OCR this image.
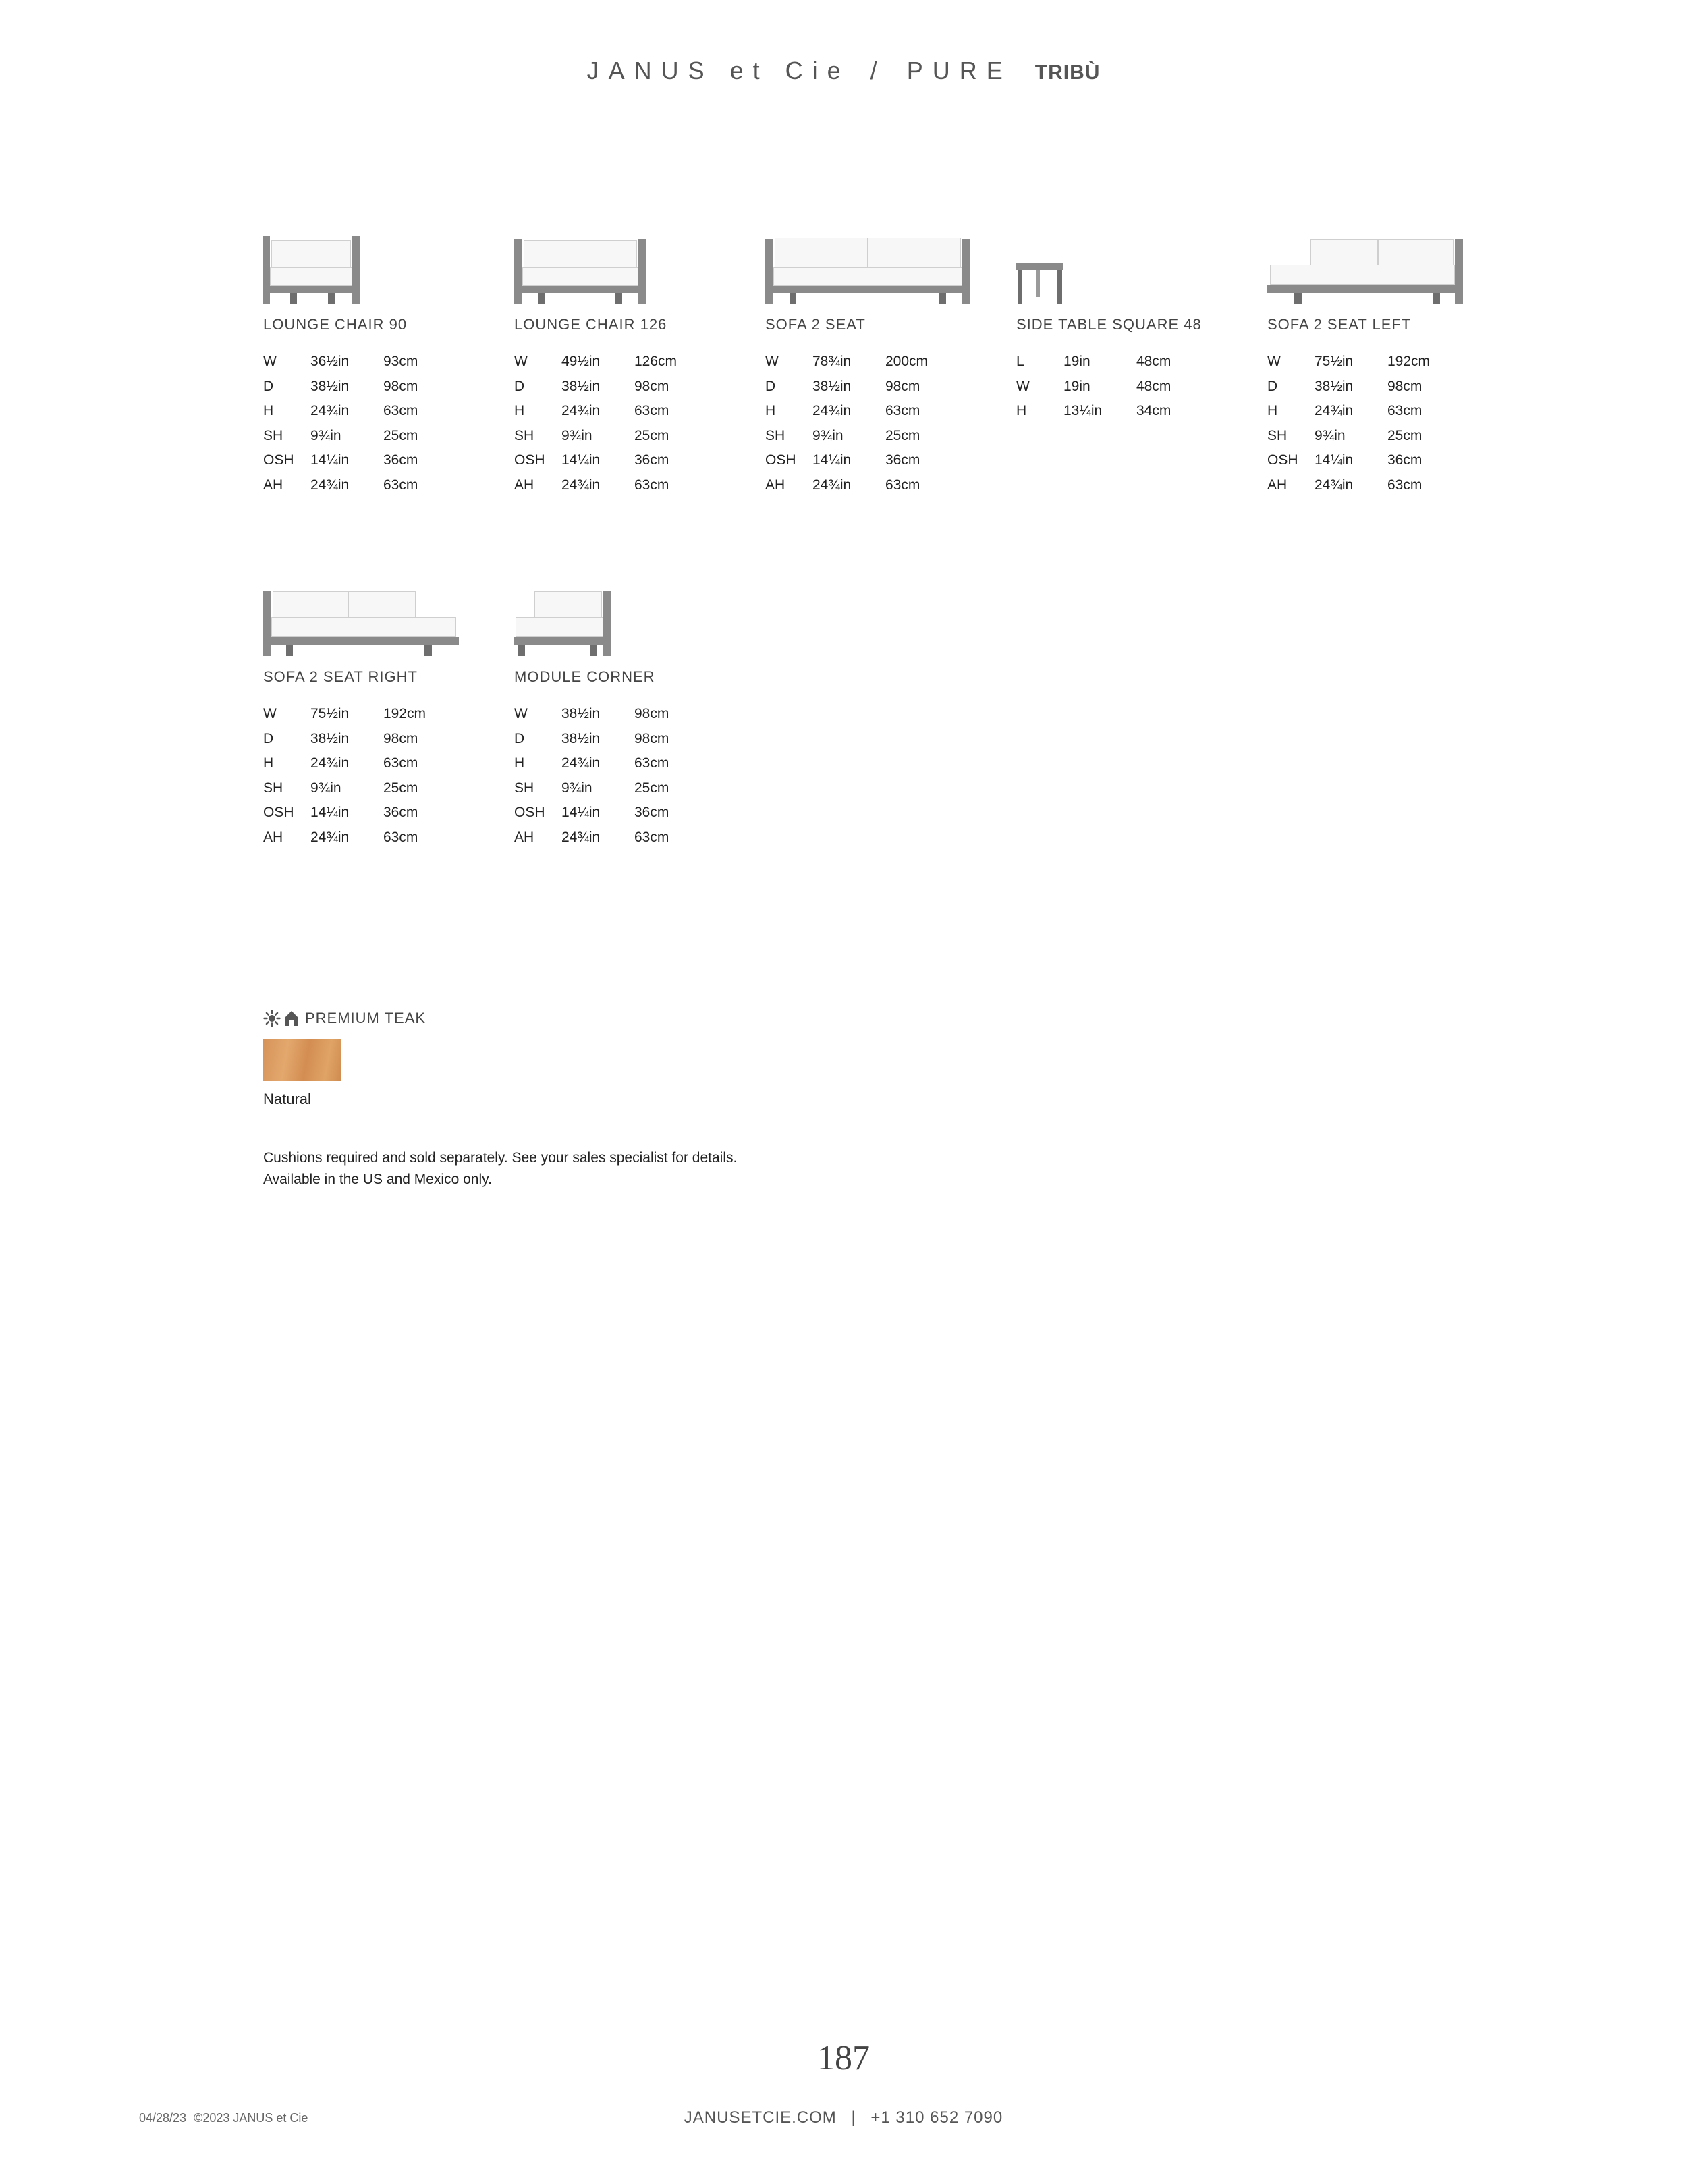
JANUS et Cie / PURE TRIBÙ
LOUNGE CHAIR 90
W	36½in	93cm
D	38½in	98cm
H	24¾in	63cm
SH	9¾in	25cm
OSH	14¼in	36cm
AH	24¾in	63cm
LOUNGE CHAIR 126
W	49½in	126cm
D	38½in	98cm
H	24¾in	63cm
SH	9¾in	25cm
OSH	14¼in	36cm
AH	24¾in	63cm
SOFA 2 SEAT
W	78¾in	200cm
D	38½in	98cm
H	24¾in	63cm
SH	9¾in	25cm
OSH	14¼in	36cm
AH	24¾in	63cm
SIDE TABLE SQUARE 48
L	19in	48cm
W	19in	48cm
H	13¼in	34cm
SOFA 2 SEAT LEFT
W	75½in	192cm
D	38½in	98cm
H	24¾in	63cm
SH	9¾in	25cm
OSH	14¼in	36cm
AH	24¾in	63cm
SOFA 2 SEAT RIGHT
W	75½in	192cm
D	38½in	98cm
H	24¾in	63cm
SH	9¾in	25cm
OSH	14¼in	36cm
AH	24¾in	63cm
MODULE CORNER
W	38½in	98cm
D	38½in	98cm
H	24¾in	63cm
SH	9¾in	25cm
OSH	14¼in	36cm
AH	24¾in	63cm
PREMIUM TEAK
Natural
Cushions required and sold separately. See your sales specialist for details.
Available in the US and Mexico only.
187
04/28/23 ©2023 JANUS et Cie	JANUSETCIE.COM | +1 310 652 7090
